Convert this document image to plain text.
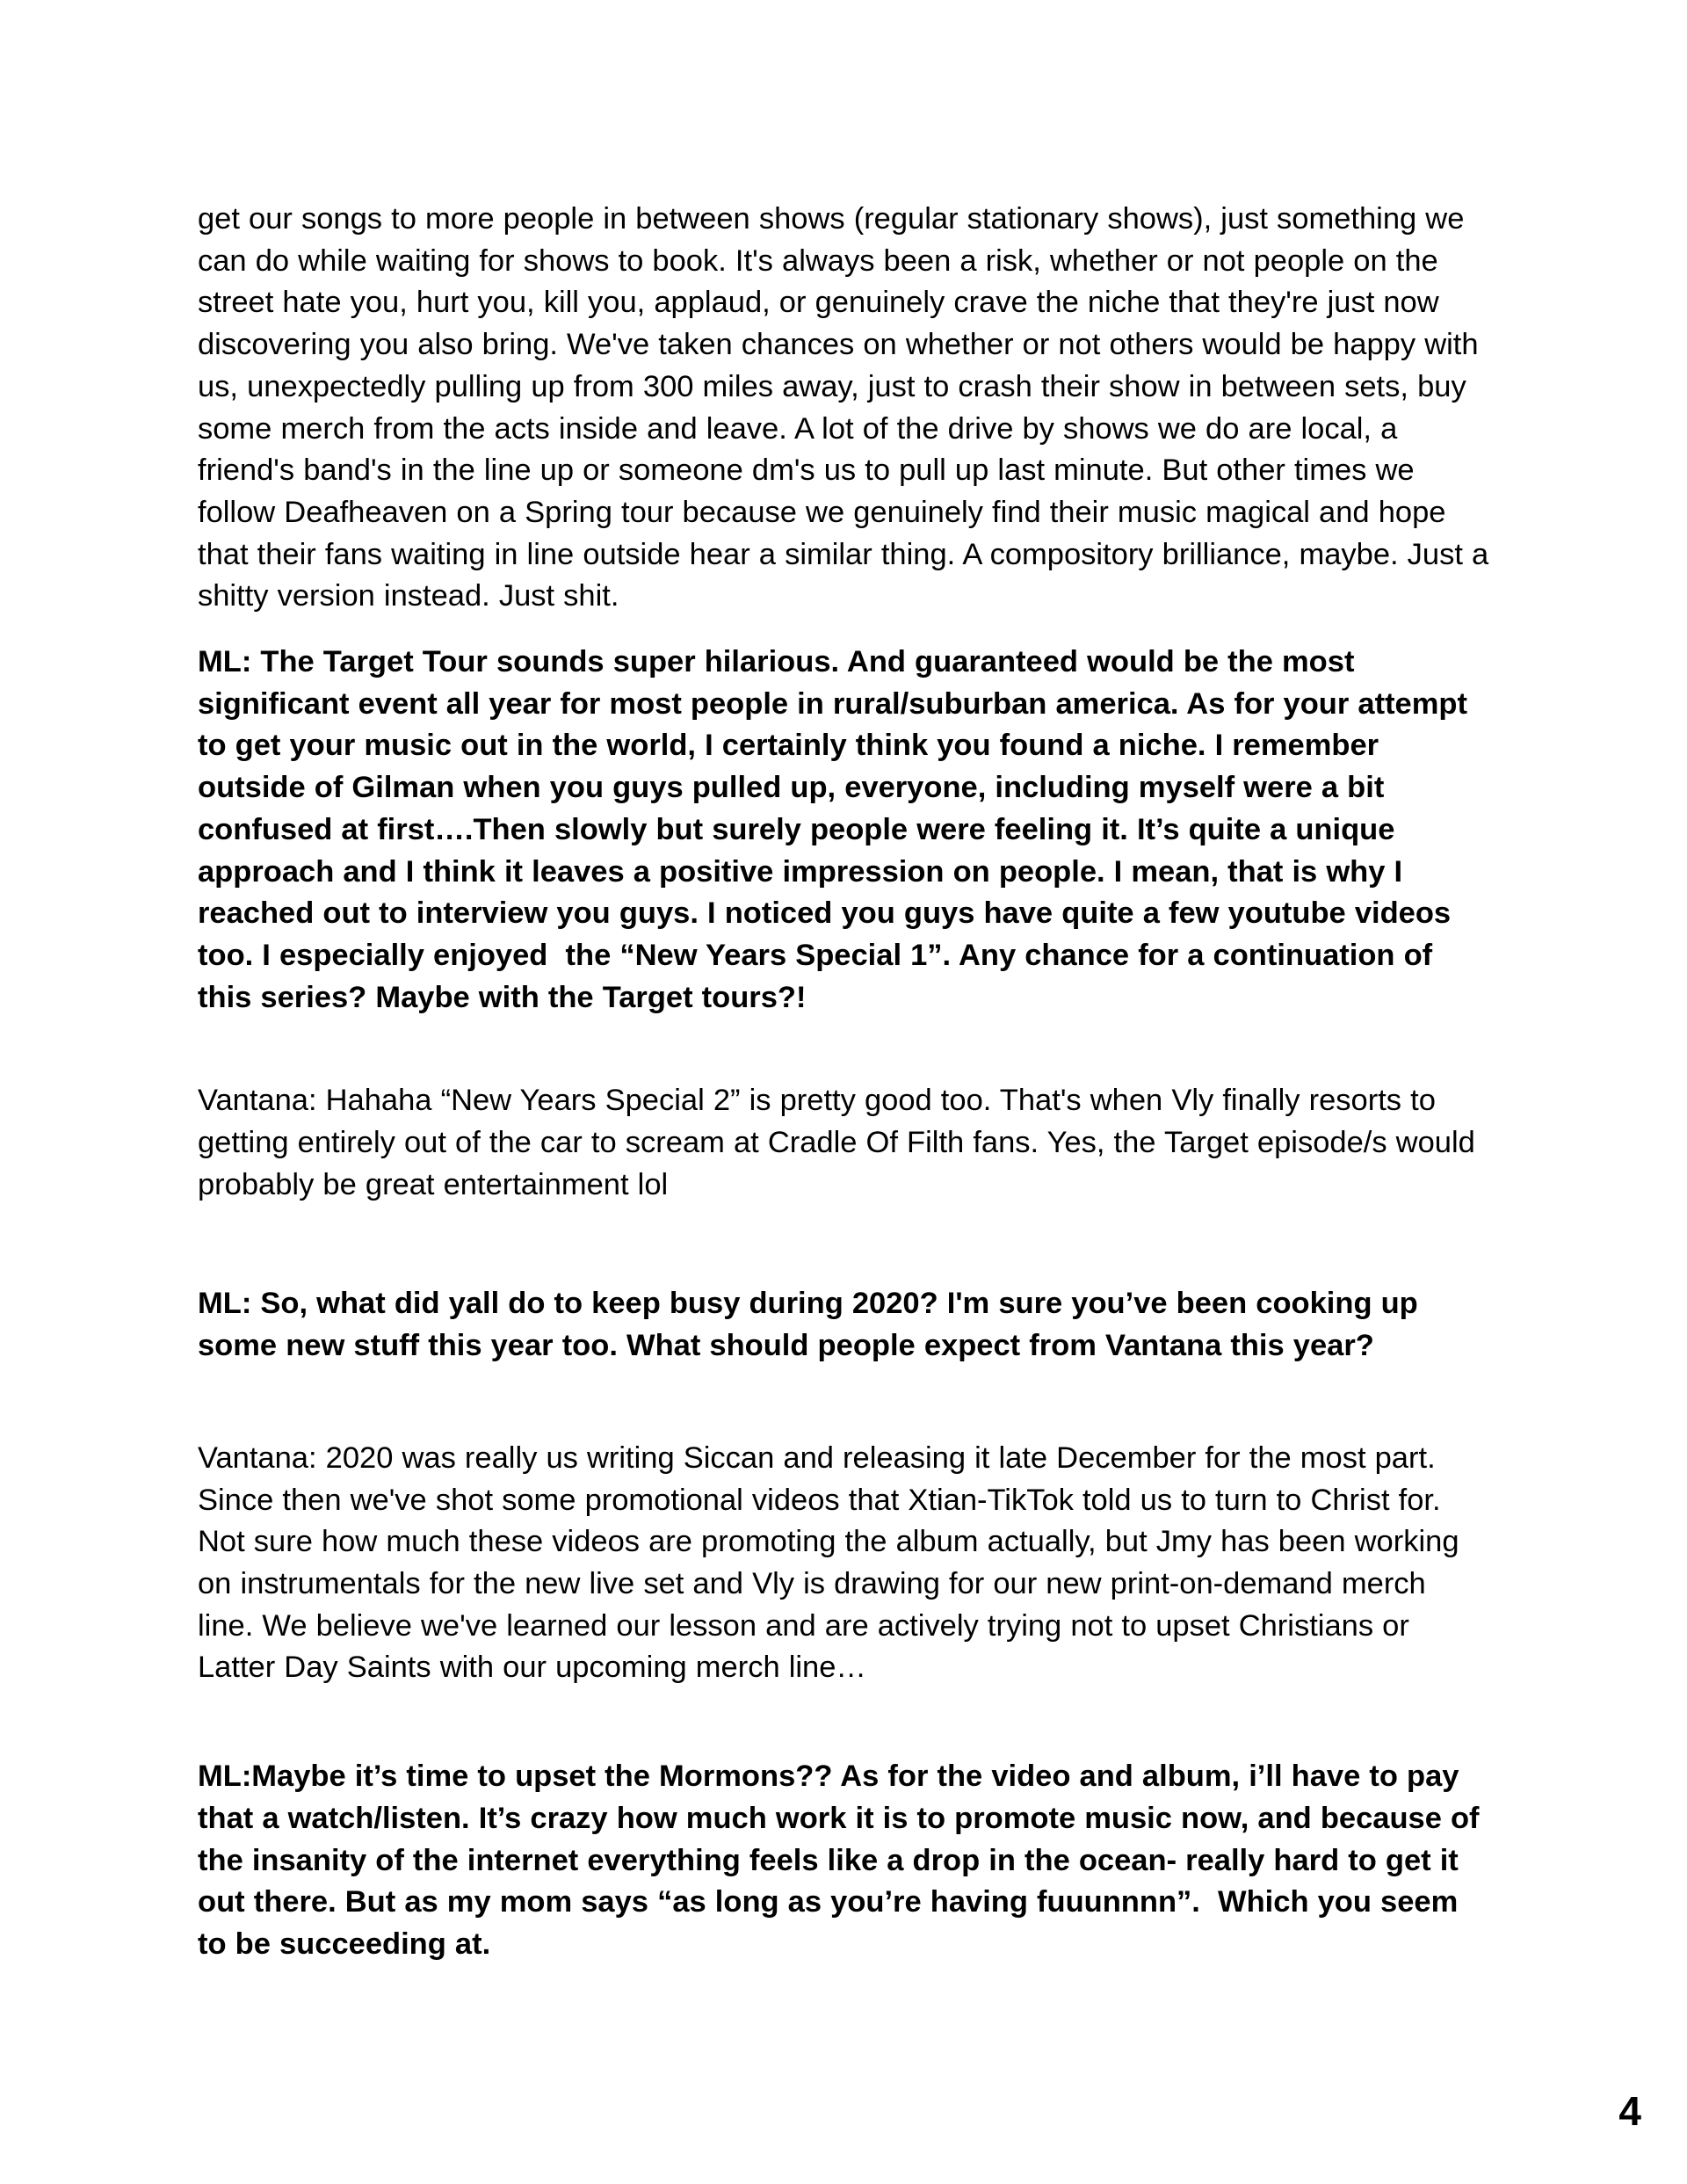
get our songs to more people in between shows (regular stationary shows), just something we can do while waiting for shows to book. It's always been a risk, whether or not people on the street hate you, hurt you, kill you, applaud, or genuinely crave the niche that they're just now discovering you also bring. We've taken chances on whether or not others would be happy with us, unexpectedly pulling up from 300 miles away, just to crash their show in between sets, buy some merch from the acts inside and leave. A lot of the drive by shows we do are local, a friend's band's in the line up or someone dm's us to pull up last minute. But other times we follow Deafheaven on a Spring tour because we genuinely find their music magical and hope that their fans waiting in line outside hear a similar thing. A compository brilliance, maybe. Just a shitty version instead. Just shit.

ML: The Target Tour sounds super hilarious. And guaranteed would be the most significant event all year for most people in rural/suburban america. As for your attempt to get your music out in the world, I certainly think you found a niche. I remember outside of Gilman when you guys pulled up, everyone, including myself were a bit confused at first….Then slowly but surely people were feeling it. It’s quite a unique approach and I think it leaves a positive impression on people. I mean, that is why I reached out to interview you guys. I noticed you guys have quite a few youtube videos too. I especially enjoyed  the “New Years Special 1”. Any chance for a continuation of this series? Maybe with the Target tours?!

Vantana: Hahaha “New Years Special 2” is pretty good too. That's when Vly finally resorts to getting entirely out of the car to scream at Cradle Of Filth fans. Yes, the Target episode/s would probably be great entertainment lol

ML: So, what did yall do to keep busy during 2020? I'm sure you’ve been cooking up some new stuff this year too. What should people expect from Vantana this year?

Vantana: 2020 was really us writing Siccan and releasing it late December for the most part. Since then we've shot some promotional videos that Xtian-TikTok told us to turn to Christ for. Not sure how much these videos are promoting the album actually, but Jmy has been working on instrumentals for the new live set and Vly is drawing for our new print-on-demand merch line. We believe we've learned our lesson and are actively trying not to upset Christians or Latter Day Saints with our upcoming merch line…

ML:Maybe it’s time to upset the Mormons?? As for the video and album, i’ll have to pay that a watch/listen. It’s crazy how much work it is to promote music now, and because of the insanity of the internet everything feels like a drop in the ocean- really hard to get it out there. But as my mom says “as long as you’re having fuuunnnn”.  Which you seem to be succeeding at.

4
